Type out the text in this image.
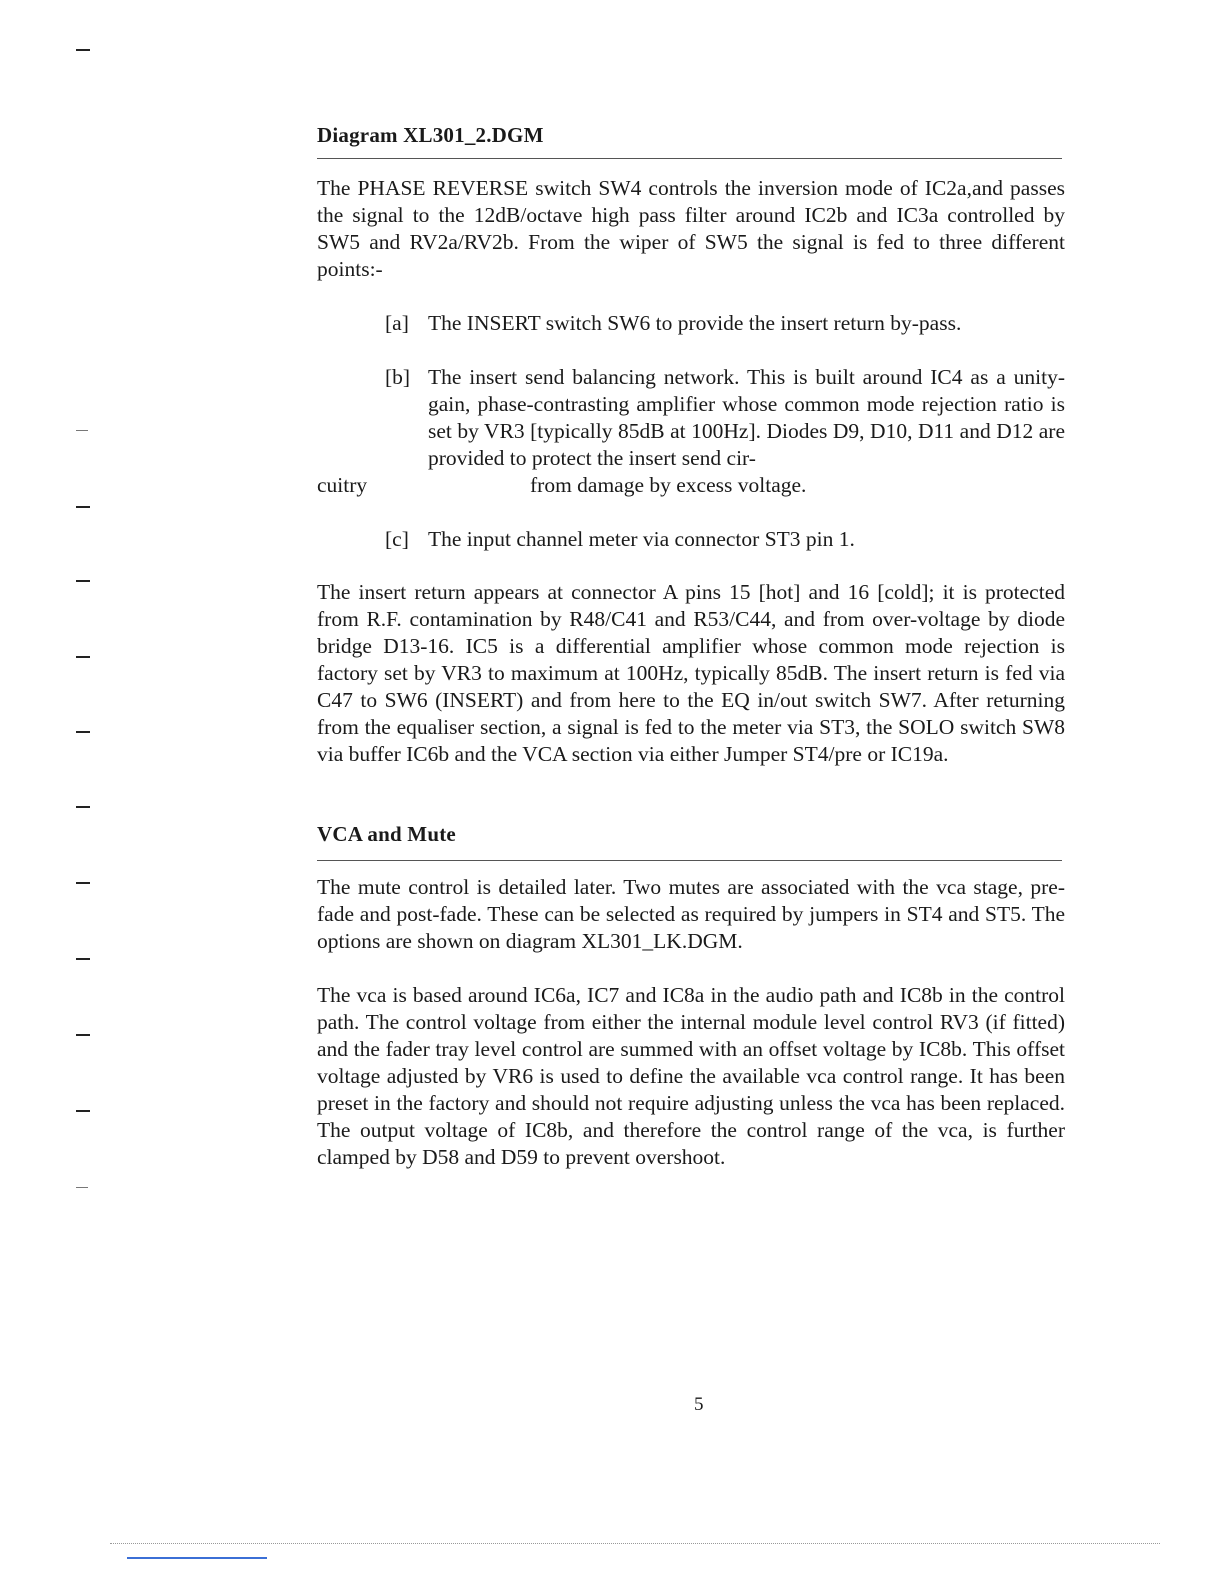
Diagram XL301_2.DGM

The PHASE REVERSE switch SW4 controls the inversion mode of IC2a,and passes the signal to the 12dB/octave high pass filter around IC2b and IC3a controlled by SW5 and RV2a/RV2b. From the wiper of SW5 the signal is fed to three different points:-

[a] The INSERT switch SW6 to provide the insert return by-pass.

[b] The insert send balancing network. This is built around IC4 as a unity-gain, phase-contrasting amplifier whose common mode rejection ratio is set by VR3 [typically 85dB at 100Hz]. Diodes D9, D10, D11 and D12 are provided to protect the insert send cir-

cuitry	from damage by excess voltage.
[c] The input channel meter via connector ST3 pin 1.

The insert return appears at connector A pins 15 [hot] and 16 [cold]; it is protected from R.F. contamination by R48/C41 and R53/C44, and from over-voltage by diode bridge D13-16. IC5 is a differential amplifier whose common mode rejection is factory set by VR3 to maximum at 100Hz, typically 85dB. The insert return is fed via C47 to SW6 (INSERT) and from here to the EQ in/out switch SW7. After returning from the equaliser section, a signal is fed to the meter via ST3, the SOLO switch SW8 via buffer IC6b and the VCA section via either Jumper ST4/pre or IC19a.

VCA and Mute

The mute control is detailed later. Two mutes are associated with the vca stage, pre-fade and post-fade. These can be selected as required by jumpers in ST4 and ST5. The options are shown on diagram XL301_LK.DGM.

The vca is based around IC6a, IC7 and IC8a in the audio path and IC8b in the control path. The control voltage from either the internal module level control RV3 (if fitted) and the fader tray level control are summed with an offset voltage by IC8b. This offset voltage adjusted by VR6 is used to define the available vca control range. It has been preset in the factory and should not require adjusting unless the vca has been replaced. The output voltage of IC8b, and therefore the control range of the vca, is further clamped by D58 and D59 to prevent overshoot.

5
